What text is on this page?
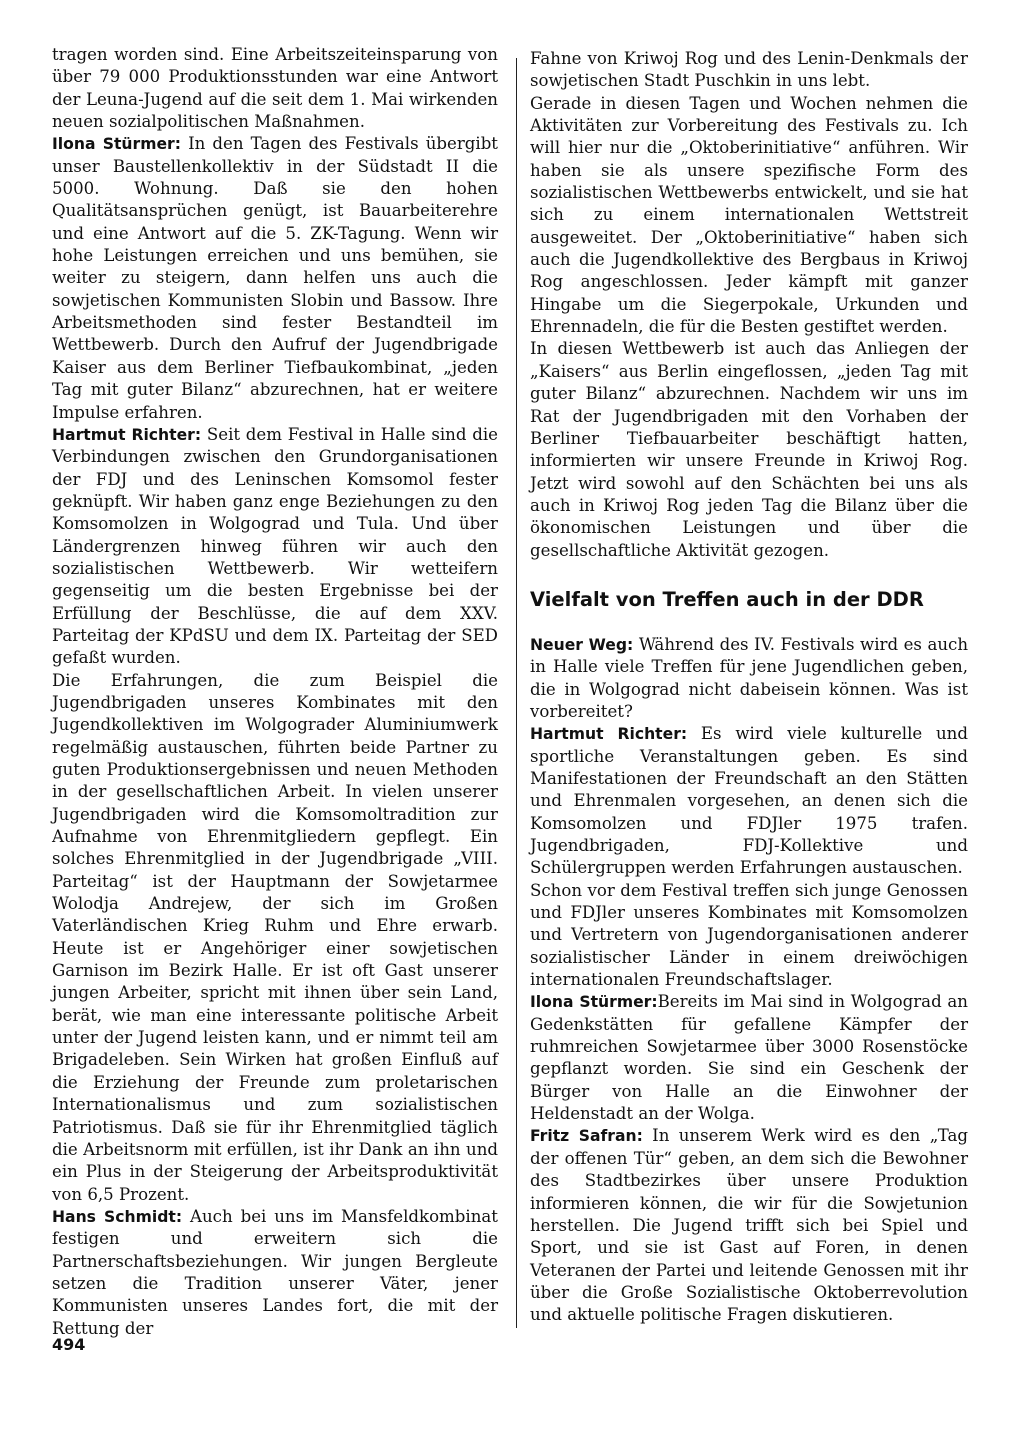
tragen worden sind. Eine Arbeitszeiteinsparung von über 79 000 Produktionsstunden war eine Antwort der Leuna-Jugend auf die seit dem 1. Mai wirkenden neuen sozialpolitischen Maßnahmen.

Ilona Stürmer: In den Tagen des Festivals übergibt unser Baustellenkollektiv in der Südstadt II die 5000. Wohnung. Daß sie den hohen Qualitätsansprüchen genügt, ist Bauarbeiterehre und eine Antwort auf die 5. ZK-Tagung. Wenn wir hohe Leistungen erreichen und uns bemühen, sie weiter zu steigern, dann helfen uns auch die sowjetischen Kommunisten Slobin und Bassow. Ihre Arbeitsmethoden sind fester Bestandteil im Wettbewerb. Durch den Aufruf der Jugendbrigade Kaiser aus dem Berliner Tiefbaukombinat, „jeden Tag mit guter Bilanz“ abzurechnen, hat er weitere Impulse erfahren.

Hartmut Richter: Seit dem Festival in Halle sind die Verbindungen zwischen den Grundorganisationen der FDJ und des Leninschen Komsomol fester geknüpft. Wir haben ganz enge Beziehungen zu den Komsomolzen in Wolgograd und Tula. Und über Ländergrenzen hinweg führen wir auch den sozialistischen Wettbewerb. Wir wetteifern gegenseitig um die besten Ergebnisse bei der Erfüllung der Beschlüsse, die auf dem XXV. Parteitag der KPdSU und dem IX. Parteitag der SED gefaßt wurden.

Die Erfahrungen, die zum Beispiel die Jugendbrigaden unseres Kombinates mit den Jugendkollektiven im Wolgograder Aluminiumwerk regelmäßig austauschen, führten beide Partner zu guten Produktionsergebnissen und neuen Methoden in der gesellschaftlichen Arbeit. In vielen unserer Jugendbrigaden wird die Komsomoltradition zur Aufnahme von Ehrenmitgliedern gepflegt. Ein solches Ehrenmitglied in der Jugendbrigade „VIII. Parteitag“ ist der Hauptmann der Sowjetarmee Wolodja Andrejew, der sich im Großen Vaterländischen Krieg Ruhm und Ehre erwarb. Heute ist er Angehöriger einer sowjetischen Garnison im Bezirk Halle. Er ist oft Gast unserer jungen Arbeiter, spricht mit ihnen über sein Land, berät, wie man eine interessante politische Arbeit unter der Jugend leisten kann, und er nimmt teil am Brigadeleben. Sein Wirken hat großen Einfluß auf die Erziehung der Freunde zum proletarischen Internationalismus und zum sozialistischen Patriotismus. Daß sie für ihr Ehrenmitglied täglich die Arbeitsnorm mit erfüllen, ist ihr Dank an ihn und ein Plus in der Steigerung der Arbeitsproduktivität von 6,5 Prozent.

Hans Schmidt: Auch bei uns im Mansfeldkombinat festigen und erweitern sich die Partnerschaftsbeziehungen. Wir jungen Bergleute setzen die Tradition unserer Väter, jener Kommunisten unseres Landes fort, die mit der Rettung der

Fahne von Kriwoj Rog und des Lenin-Denkmals der sowjetischen Stadt Puschkin in uns lebt.

Gerade in diesen Tagen und Wochen nehmen die Aktivitäten zur Vorbereitung des Festivals zu. Ich will hier nur die „Oktoberinitiative“ anführen. Wir haben sie als unsere spezifische Form des sozialistischen Wettbewerbs entwickelt, und sie hat sich zu einem internationalen Wettstreit ausgeweitet. Der „Oktoberinitiative“ haben sich auch die Jugendkollektive des Bergbaus in Kriwoj Rog angeschlossen. Jeder kämpft mit ganzer Hingabe um die Siegerpokale, Urkunden und Ehrennadeln, die für die Besten gestiftet werden.

In diesen Wettbewerb ist auch das Anliegen der „Kaisers“ aus Berlin eingeflossen, „jeden Tag mit guter Bilanz“ abzurechnen. Nachdem wir uns im Rat der Jugendbrigaden mit den Vorhaben der Berliner Tiefbauarbeiter beschäftigt hatten, informierten wir unsere Freunde in Kriwoj Rog. Jetzt wird sowohl auf den Schächten bei uns als auch in Kriwoj Rog jeden Tag die Bilanz über die ökonomischen Leistungen und über die gesellschaftliche Aktivität gezogen.

Vielfalt von Treffen auch in der DDR

Neuer Weg: Während des IV. Festivals wird es auch in Halle viele Treffen für jene Jugendlichen geben, die in Wolgograd nicht dabeisein können. Was ist vorbereitet?

Hartmut Richter: Es wird viele kulturelle und sportliche Veranstaltungen geben. Es sind Manifestationen der Freundschaft an den Stätten und Ehrenmalen vorgesehen, an denen sich die Komsomolzen und FDJler 1975 trafen. Jugendbrigaden, FDJ-Kollektive und Schülergruppen werden Erfahrungen austauschen.

Schon vor dem Festival treffen sich junge Genossen und FDJler unseres Kombinates mit Komsomolzen und Vertretern von Jugendorganisationen anderer sozialistischer Länder in einem dreiwöchigen internationalen Freundschaftslager.

Ilona Stürmer:Bereits im Mai sind in Wolgograd an Gedenkstätten für gefallene Kämpfer der ruhmreichen Sowjetarmee über 3000 Rosenstöcke gepflanzt worden. Sie sind ein Geschenk der Bürger von Halle an die Einwohner der Heldenstadt an der Wolga.

Fritz Safran: In unserem Werk wird es den „Tag der offenen Tür“ geben, an dem sich die Bewohner des Stadtbezirkes über unsere Produktion informieren können, die wir für die Sowjetunion herstellen. Die Jugend trifft sich bei Spiel und Sport, und sie ist Gast auf Foren, in denen Veteranen der Partei und leitende Genossen mit ihr über die Große Sozialistische Oktoberrevolution und aktuelle politische Fragen diskutieren.

494
